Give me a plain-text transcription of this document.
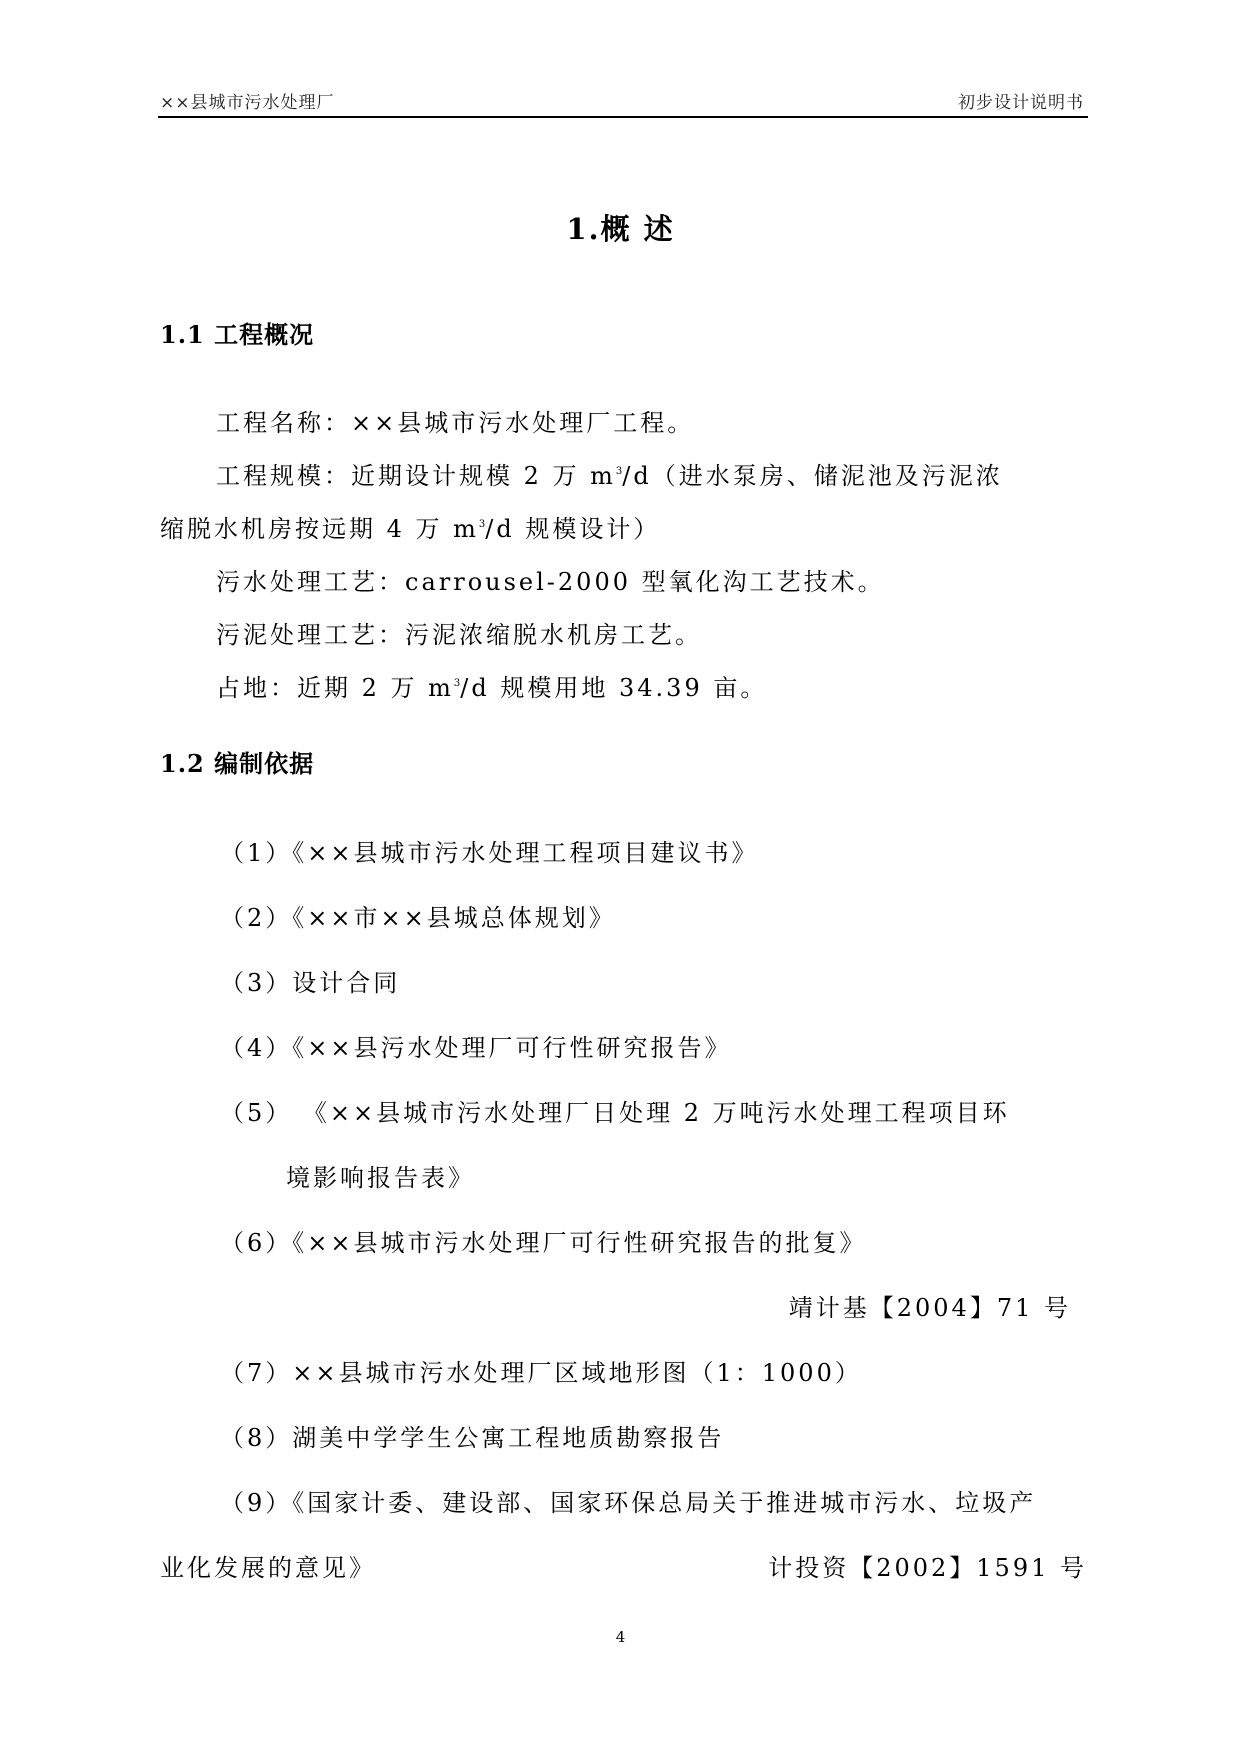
××县城市污水处理厂	初步设计说明书
1.概 述
1.1 工程概况
工程名称：××县城市污水处理厂工程。
工程规模：近期设计规模 2 万 $m^3/d$（进水泵房、储泥池及污泥浓
缩脱水机房按远期 4 万 $m^3/d$ 规模设计）
污水处理工艺：carrousel-2000 型氧化沟工艺技术。
污泥处理工艺：污泥浓缩脱水机房工艺。
占地：近期 2 万 $m^3/d$ 规模用地 34.39 亩。
1.2 编制依据
（1）《××县城市污水处理工程项目建议书》
（2）《××市××县城总体规划》
（3）设计合同
（4）《××县污水处理厂可行性研究报告》
（5） 《××县城市污水处理厂日处理 2 万吨污水处理工程项目环
境影响报告表》
（6）《××县城市污水处理厂可行性研究报告的批复》
靖计基【2004】71 号
（7）××县城市污水处理厂区域地形图（1：1000）
（8）湖美中学学生公寓工程地质勘察报告
（9）《国家计委、建设部、国家环保总局关于推进城市污水、垃圾产
业化发展的意见》	计投资【2002】1591 号
4
